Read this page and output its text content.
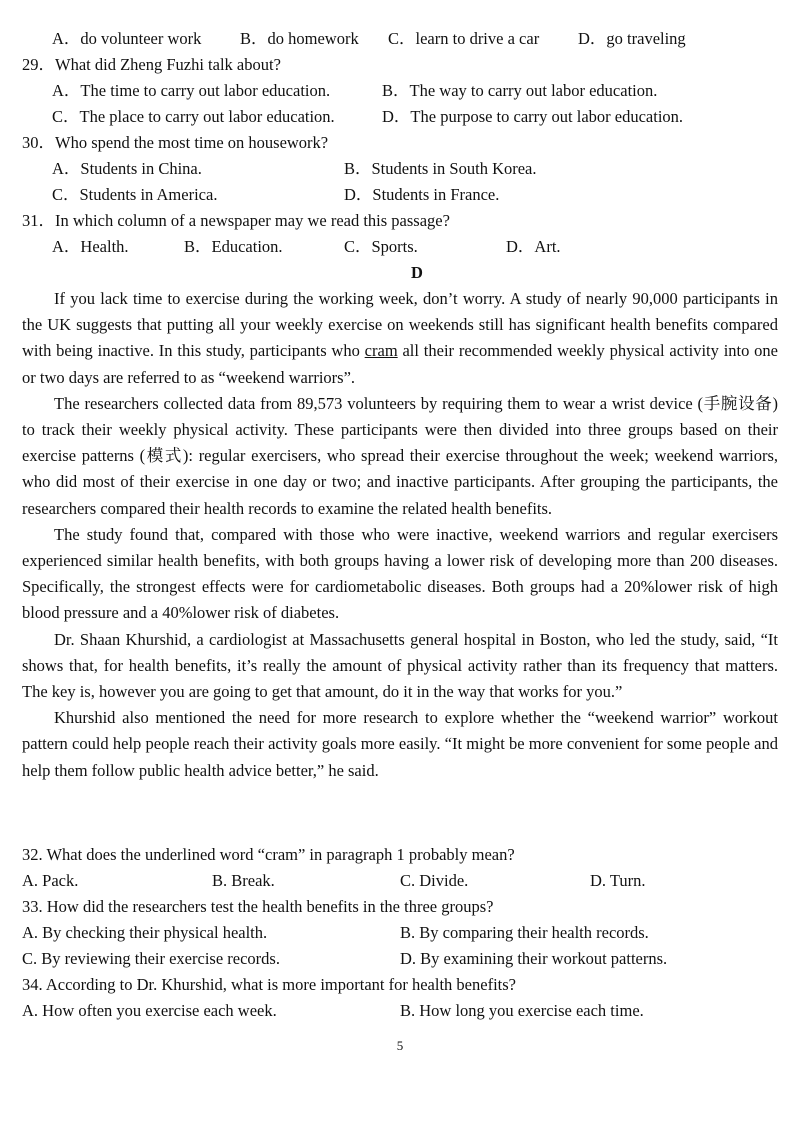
A．do volunteer work B．do homework C．learn to drive a car D．go traveling
29．What did Zheng Fuzhi talk about?
A．The time to carry out labor education.	B．The way to carry out labor education.
C．The place to carry out labor education.	D．The purpose to carry out labor education.
30．Who spend the most time on housework?
A．Students in China.	B．Students in South Korea.
C．Students in America.	D．Students in France.
31．In which column of a newspaper may we read this passage?
A．Health.	B．Education.	C．Sports.	D．Art.
D

If you lack time to exercise during the working week, don’t worry. A study of nearly 90,000 participants in the UK suggests that putting all your weekly exercise on weekends still has significant health benefits compared with being inactive. In this study, participants who cram all their recommended weekly physical activity into one or two days are referred to as “weekend warriors”.

The researchers collected data from 89,573 volunteers by requiring them to wear a wrist device (手腕设备) to track their weekly physical activity. These participants were then divided into three groups based on their exercise patterns (模式): regular exercisers, who spread their exercise throughout the week; weekend warriors, who did most of their exercise in one day or two; and inactive participants. After grouping the participants, the researchers compared their health records to examine the related health benefits.

The study found that, compared with those who were inactive, weekend warriors and regular exercisers experienced similar health benefits, with both groups having a lower risk of developing more than 200 diseases. Specifically, the strongest effects were for cardiometabolic diseases. Both groups had a 20%lower risk of high blood pressure and a 40%lower risk of diabetes.

Dr. Shaan Khurshid, a cardiologist at Massachusetts general hospital in Boston, who led the study, said, “It shows that, for health benefits, it’s really the amount of physical activity rather than its frequency that matters. The key is, however you are going to get that amount, do it in the way that works for you.”

Khurshid also mentioned the need for more research to explore whether the “weekend warrior” workout pattern could help people reach their activity goals more easily. “It might be more convenient for some people and help them follow public health advice better,” he said.

32. What does the underlined word “cram” in paragraph 1 probably mean?
A. Pack.	B. Break.	C. Divide.	D. Turn.
33. How did the researchers test the health benefits in the three groups?
A. By checking their physical health.	B. By comparing their health records.
C. By reviewing their exercise records.	D. By examining their workout patterns.
34. According to Dr. Khurshid, what is more important for health benefits?
A. How often you exercise each week.	B. How long you exercise each time.
5
